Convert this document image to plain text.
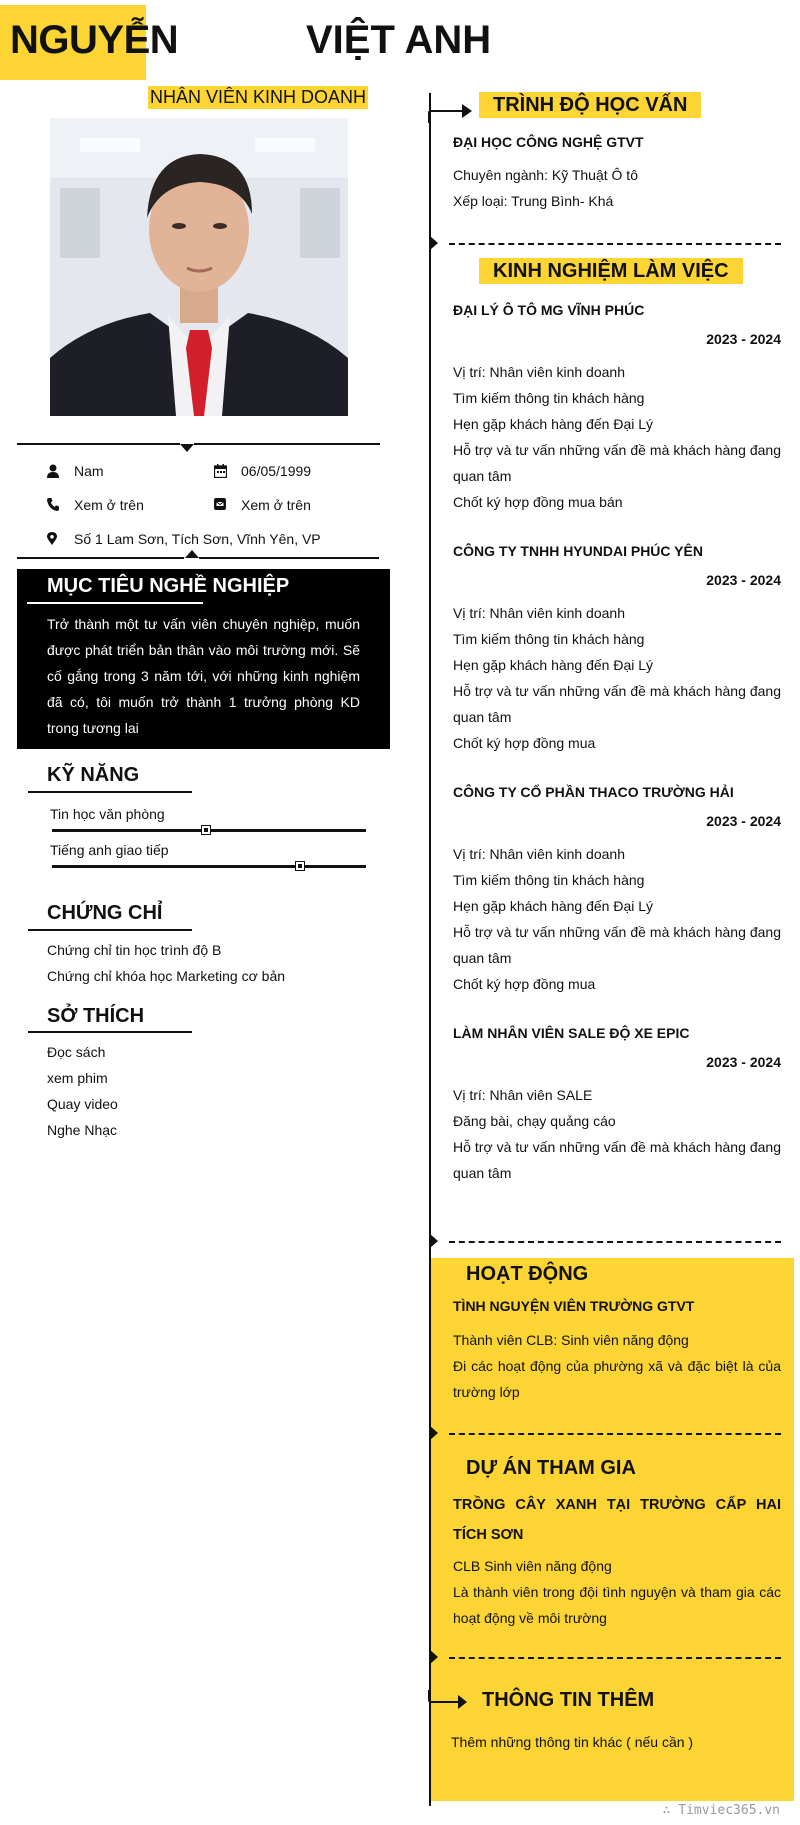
NGUYỄN	VIỆT ANH
NHÂN VIÊN KINH DOANH
Nam	06/05/1999
Xem ở trên	Xem ở trên
Số 1 Lam Sơn, Tích Sơn, Vĩnh Yên, VP
MỤC TIÊU NGHỀ NGHIỆP
Trở thành một tư vấn viên chuyên nghiệp, muốn được phát triển bản thân vào môi trường mới. Sẽ cố gắng trong 3 năm tới, với những kinh nghiệm đã có, tôi muốn trở thành 1 trưởng phòng KD trong tương lai
KỸ NĂNG
Tin học văn phòng
Tiếng anh giao tiếp
CHỨNG CHỈ
Chứng chỉ tin học trình độ B
Chứng chỉ khóa học Marketing cơ bản
SỞ THÍCH
Đọc sách
xem phim
Quay video
Nghe Nhạc
TRÌNH ĐỘ HỌC VẤN
ĐẠI HỌC CÔNG NGHỆ GTVT
Chuyên ngành: Kỹ Thuật Ô tô
Xếp loại: Trung Bình- Khá
KINH NGHIỆM LÀM VIỆC
ĐẠI LÝ Ô TÔ MG VĨNH PHÚC
2023 - 2024
Vị trí: Nhân viên kinh doanh
Tìm kiếm thông tin khách hàng
Hẹn gặp khách hàng đến Đại Lý
Hỗ trợ và tư vấn những vấn đề mà khách hàng đang quan tâm
Chốt ký hợp đồng mua bán
CÔNG TY TNHH HYUNDAI PHÚC YÊN
2023 - 2024
Vị trí: Nhân viên kinh doanh
Tìm kiếm thông tin khách hàng
Hẹn gặp khách hàng đến Đại Lý
Hỗ trợ và tư vấn những vấn đề mà khách hàng đang quan tâm
Chốt ký hợp đồng mua
CÔNG TY CỔ PHẦN THACO TRƯỜNG HẢI
2023 - 2024
Vị trí: Nhân viên kinh doanh
Tìm kiếm thông tin khách hàng
Hẹn gặp khách hàng đến Đại Lý
Hỗ trợ và tư vấn những vấn đề mà khách hàng đang quan tâm
Chốt ký hợp đồng mua
LÀM NHÂN VIÊN SALE ĐỘ XE EPIC
2023 - 2024
Vị trí: Nhân viên SALE
Đăng bài, chạy quảng cáo
Hỗ trợ và tư vấn những vấn đề mà khách hàng đang quan tâm
HOẠT ĐỘNG
TÌNH NGUYỆN VIÊN TRƯỜNG GTVT
Thành viên CLB: Sinh viên năng động
Đi các hoạt động của phường xã và đặc biệt là của trường lớp
DỰ ÁN THAM GIA
TRỒNG CÂY XANH TẠI TRƯỜNG CẤP HAI TÍCH SƠN
CLB Sinh viên năng động
Là thành viên trong đội tình nguyện và tham gia các hoạt động về môi trường
THÔNG TIN THÊM
Thêm những thông tin khác ( nếu cần )
∴ Timviec365.vn
